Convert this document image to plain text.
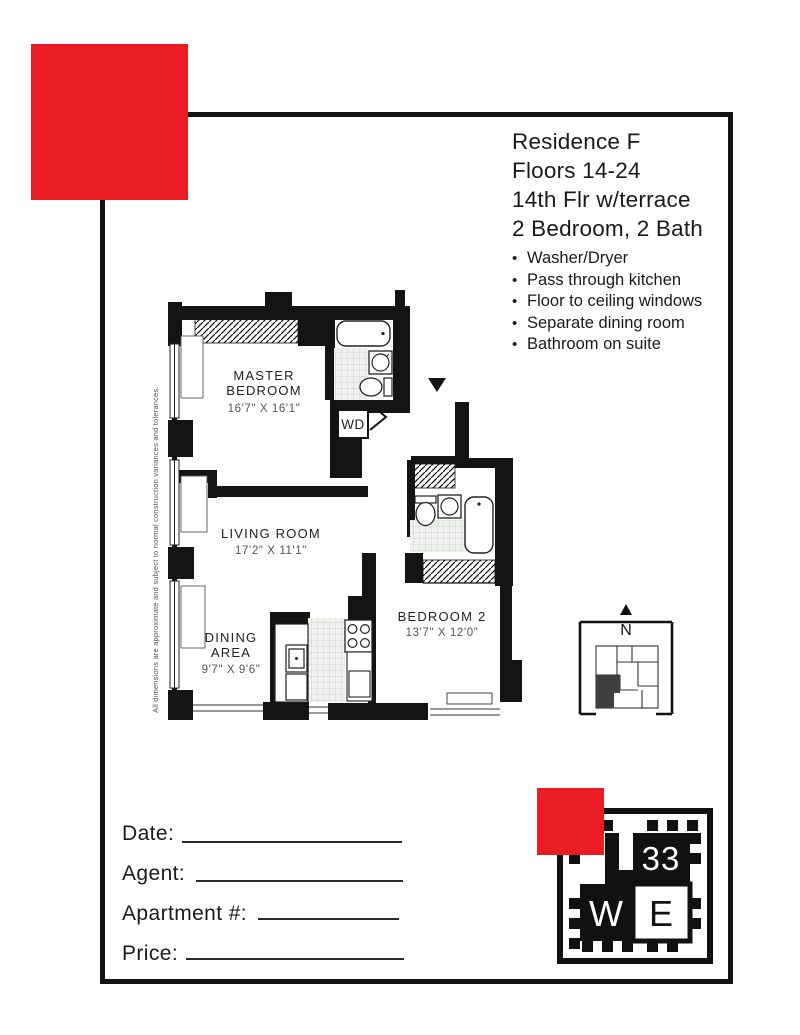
Residence F
Floors 14-24
14th Flr w/terrace
2 Bedroom, 2 Bath
• Washer/Dryer
• Pass through kitchen
• Floor to ceiling windows
• Separate dining room
• Bathroom on suite
All dimensions are approximate and subject to normal construction variances and tolerances.	WD
MASTER
BEDROOM
16'7" X 16'1"
LIVING ROOM
17'2" X 11'1"
DINING
AREA
9'7" X 9'6"
BEDROOM 2
13'7" X 12'0"	N
33
W E
Date:
Agent:
Apartment #:
Price:
